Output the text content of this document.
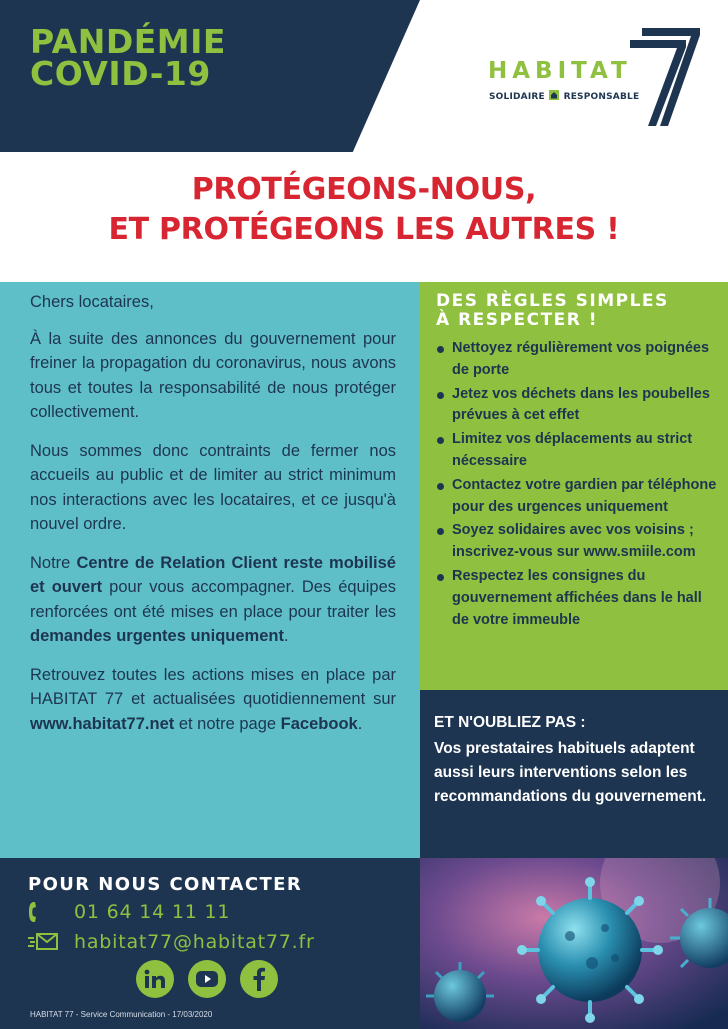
PANDÉMIE
COVID-19	HABITAT
SOLIDAIRE RESPONSABLE
PROTÉGEONS-NOUS,
ET PROTÉGEONS LES AUTRES !

Chers locataires,

À la suite des annonces du gouvernement pour freiner la propagation du coronavirus, nous avons tous et toutes la responsabilité de nous protéger collectivement.

Nous sommes donc contraints de fermer nos accueils au public et de limiter au strict minimum nos interactions avec les locataires, et ce jusqu'à nouvel ordre.

Notre Centre de Relation Client reste mobilisé et ouvert pour vous accompagner. Des équipes renforcées ont été mises en place pour traiter les demandes urgentes uniquement.

Retrouvez toutes les actions mises en place par HABITAT 77 et actualisées quotidiennement sur www.habitat77.net et notre page Facebook.

DES RÈGLES SIMPLES
À RESPECTER !
Nettoyez régulièrement vos poignées de porte
Jetez vos déchets dans les poubelles prévues à cet effet
Limitez vos déplacements au strict nécessaire
Contactez votre gardien par téléphone pour des urgences uniquement
Soyez solidaires avec vos voisins ; inscrivez-vous sur www.smiile.com
Respectez les consignes du gouvernement affichées dans le hall de votre immeuble
ET N'OUBLIEZ PAS :
Vos prestataires habituels adaptent aussi leurs interventions selon les recommandations du gouvernement.
POUR NOUS CONTACTER
01 64 14 11 11
habitat77@habitat77.fr
HABITAT 77 - Service Communication - 17/03/2020
